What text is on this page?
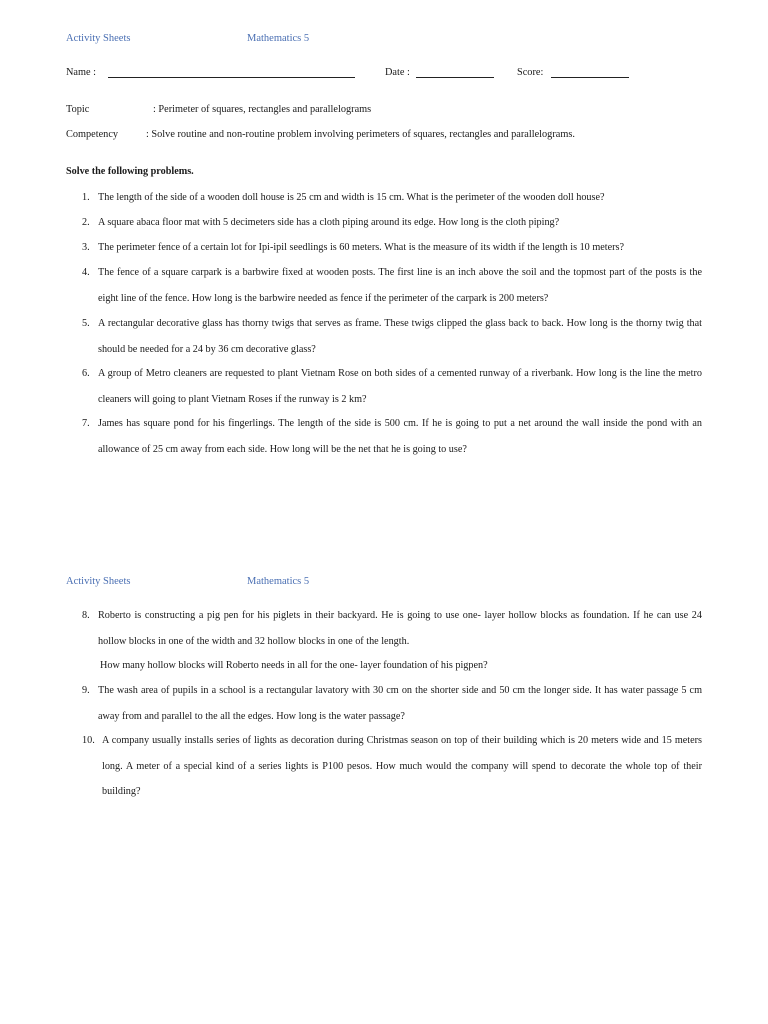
Activity Sheets	Mathematics 5
Name :	Date :	Score:
Topic	: Perimeter of squares, rectangles and parallelograms
Competency	: Solve routine and non-routine problem involving perimeters of squares, rectangles and parallelograms.
Solve the following problems.
1. The length of the side of a wooden doll house is 25 cm and width is 15 cm. What is the perimeter of the wooden doll house?
2. A square abaca floor mat with 5 decimeters side has a cloth piping around its edge. How long is the cloth piping?
3. The perimeter fence of a certain lot for Ipi-ipil seedlings is 60 meters. What is the measure of its width if the length is 10 meters?
4. The fence of a square carpark is a barbwire fixed at wooden posts. The first line is an inch above the soil and the topmost part of the posts is the eight line of the fence. How long is the barbwire needed as fence if the perimeter of the carpark is 200 meters?
5. A rectangular decorative glass has thorny twigs that serves as frame. These twigs clipped the glass back to back. How long is the thorny twig that should be needed for a 24 by 36 cm decorative glass?
6. A group of Metro cleaners are requested to plant Vietnam Rose on both sides of a cemented runway of a riverbank. How long is the line the metro cleaners will going to plant Vietnam Roses if the runway is 2 km?
7. James has square pond for his fingerlings. The length of the side is 500 cm. If he is going to put a net around the wall inside the pond with an allowance of 25 cm away from each side. How long will be the net that he is going to use?
Activity Sheets	Mathematics 5
8. Roberto is constructing a pig pen for his piglets in their backyard. He is going to use one- layer hollow blocks as foundation. If he can use 24 hollow blocks in one of the width and 32 hollow blocks in one of the length.
How many hollow blocks will Roberto needs in all for the one- layer foundation of his pigpen?
9. The wash area of pupils in a school is a rectangular lavatory with 30 cm on the shorter side and 50 cm the longer side. It has water passage 5 cm away from and parallel to the all the edges. How long is the water passage?
10. A company usually installs series of lights as decoration during Christmas season on top of their building which is 20 meters wide and 15 meters long. A meter of a special kind of a series lights is P100 pesos. How much would the company will spend to decorate the whole top of their building?
